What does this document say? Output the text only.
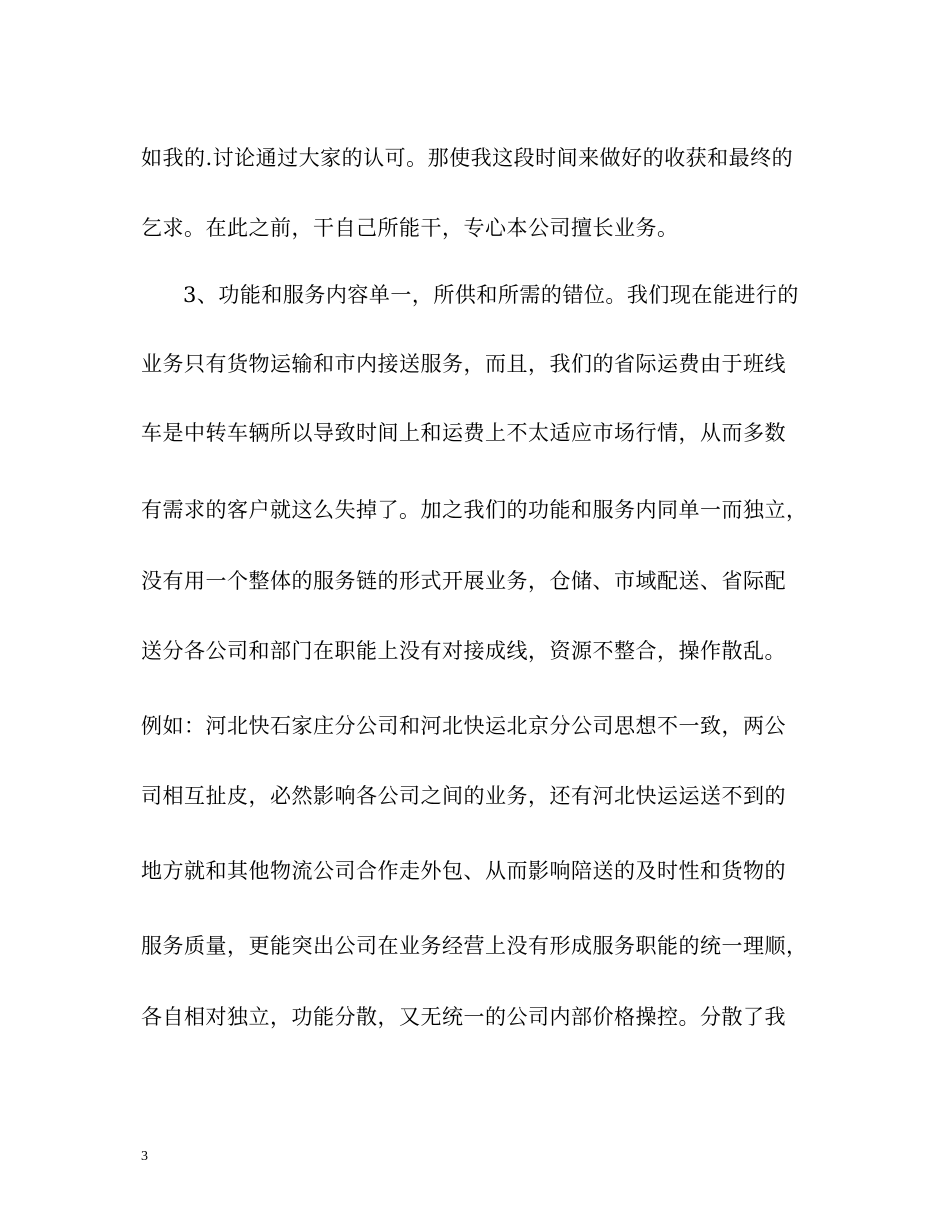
如我的.讨论通过大家的认可。那使我这段时间来做好的收获和最终的
乞求。在此之前，干自己所能干，专心本公司擅长业务。
3、功能和服务内容单一，所供和所需的错位。我们现在能进行的
业务只有货物运输和市内接送服务，而且，我们的省际运费由于班线
车是中转车辆所以导致时间上和运费上不太适应市场行情，从而多数
有需求的客户就这么失掉了。加之我们的功能和服务内同单一而独立，
没有用一个整体的服务链的形式开展业务，仓储、市域配送、省际配
送分各公司和部门在职能上没有对接成线，资源不整合，操作散乱。
例如：河北快石家庄分公司和河北快运北京分公司思想不一致，两公
司相互扯皮，必然影响各公司之间的业务，还有河北快运运送不到的
地方就和其他物流公司合作走外包、从而影响陪送的及时性和货物的
服务质量，更能突出公司在业务经营上没有形成服务职能的统一理顺，
各自相对独立，功能分散，又无统一的公司内部价格操控。分散了我
3
